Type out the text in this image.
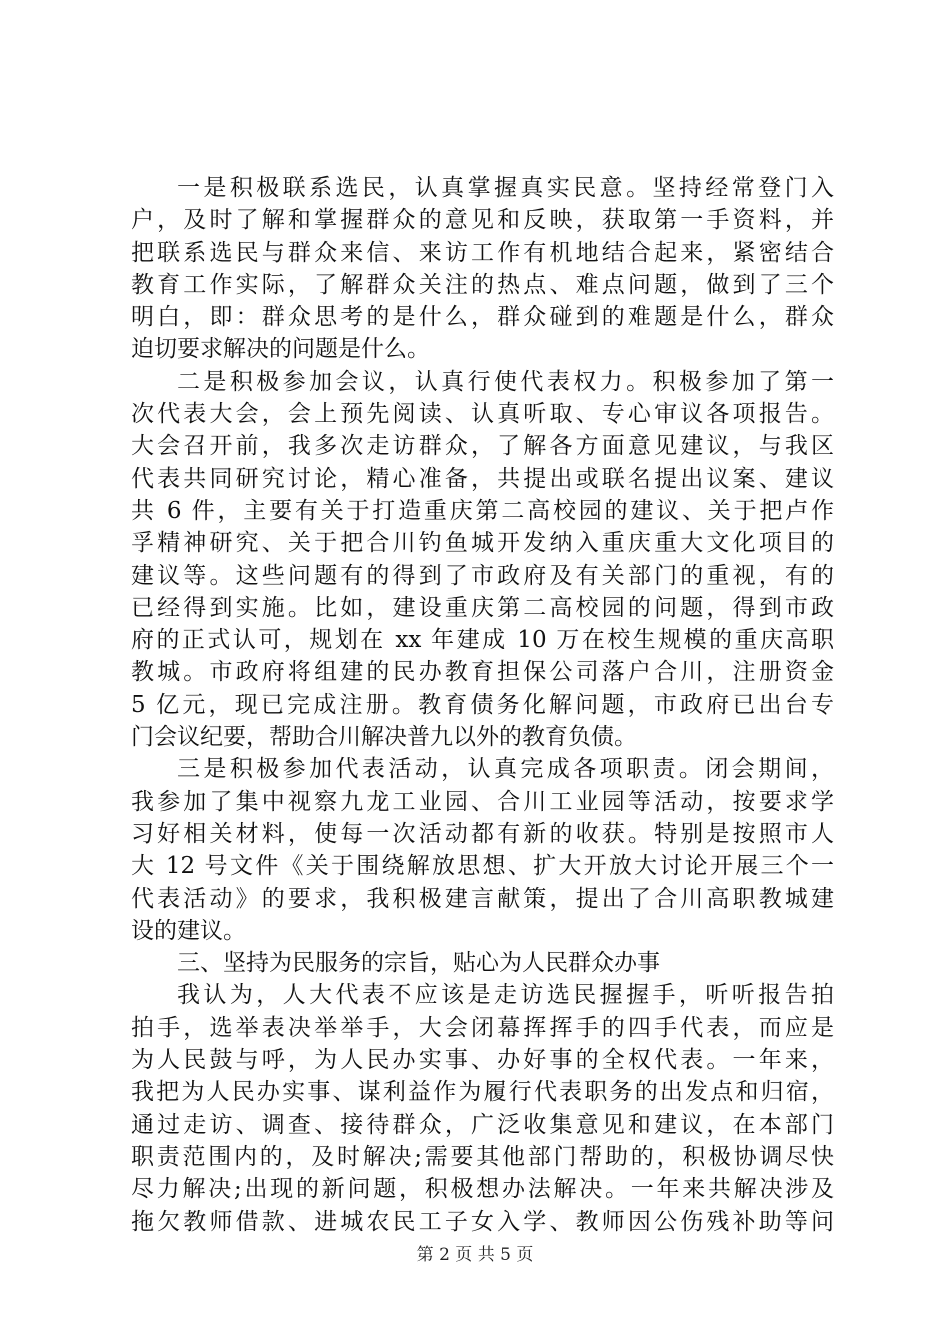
一是积极联系选民，认真掌握真实民意。坚持经常登门入
户，及时了解和掌握群众的意见和反映，获取第一手资料，并
把联系选民与群众来信、来访工作有机地结合起来，紧密结合
教育工作实际，了解群众关注的热点、难点问题，做到了三个
明白，即：群众思考的是什么，群众碰到的难题是什么，群众
迫切要求解决的问题是什么。
二是积极参加会议，认真行使代表权力。积极参加了第一
次代表大会，会上预先阅读、认真听取、专心审议各项报告。
大会召开前，我多次走访群众，了解各方面意见建议，与我区
代表共同研究讨论，精心准备，共提出或联名提出议案、建议
共 6 件，主要有关于打造重庆第二高校园的建议、关于把卢作
孚精神研究、关于把合川钓鱼城开发纳入重庆重大文化项目的
建议等。这些问题有的得到了市政府及有关部门的重视，有的
已经得到实施。比如，建设重庆第二高校园的问题，得到市政
府的正式认可，规划在 xx 年建成 10 万在校生规模的重庆高职
教城。市政府将组建的民办教育担保公司落户合川，注册资金
5 亿元，现已完成注册。教育债务化解问题，市政府已出台专
门会议纪要，帮助合川解决普九以外的教育负债。
三是积极参加代表活动，认真完成各项职责。闭会期间，
我参加了集中视察九龙工业园、合川工业园等活动，按要求学
习好相关材料，使每一次活动都有新的收获。特别是按照市人
大 12 号文件《关于围绕解放思想、扩大开放大讨论开展三个一
代表活动》的要求，我积极建言献策，提出了合川高职教城建
设的建议。
三、坚持为民服务的宗旨，贴心为人民群众办事
我认为，人大代表不应该是走访选民握握手，听听报告拍
拍手，选举表决举举手，大会闭幕挥挥手的四手代表，而应是
为人民鼓与呼，为人民办实事、办好事的全权代表。一年来，
我把为人民办实事、谋利益作为履行代表职务的出发点和归宿，
通过走访、调查、接待群众，广泛收集意见和建议，在本部门
职责范围内的，及时解决;需要其他部门帮助的，积极协调尽快
尽力解决;出现的新问题，积极想办法解决。一年来共解决涉及
拖欠教师借款、进城农民工子女入学、教师因公伤残补助等问
第 2 页 共 5 页
